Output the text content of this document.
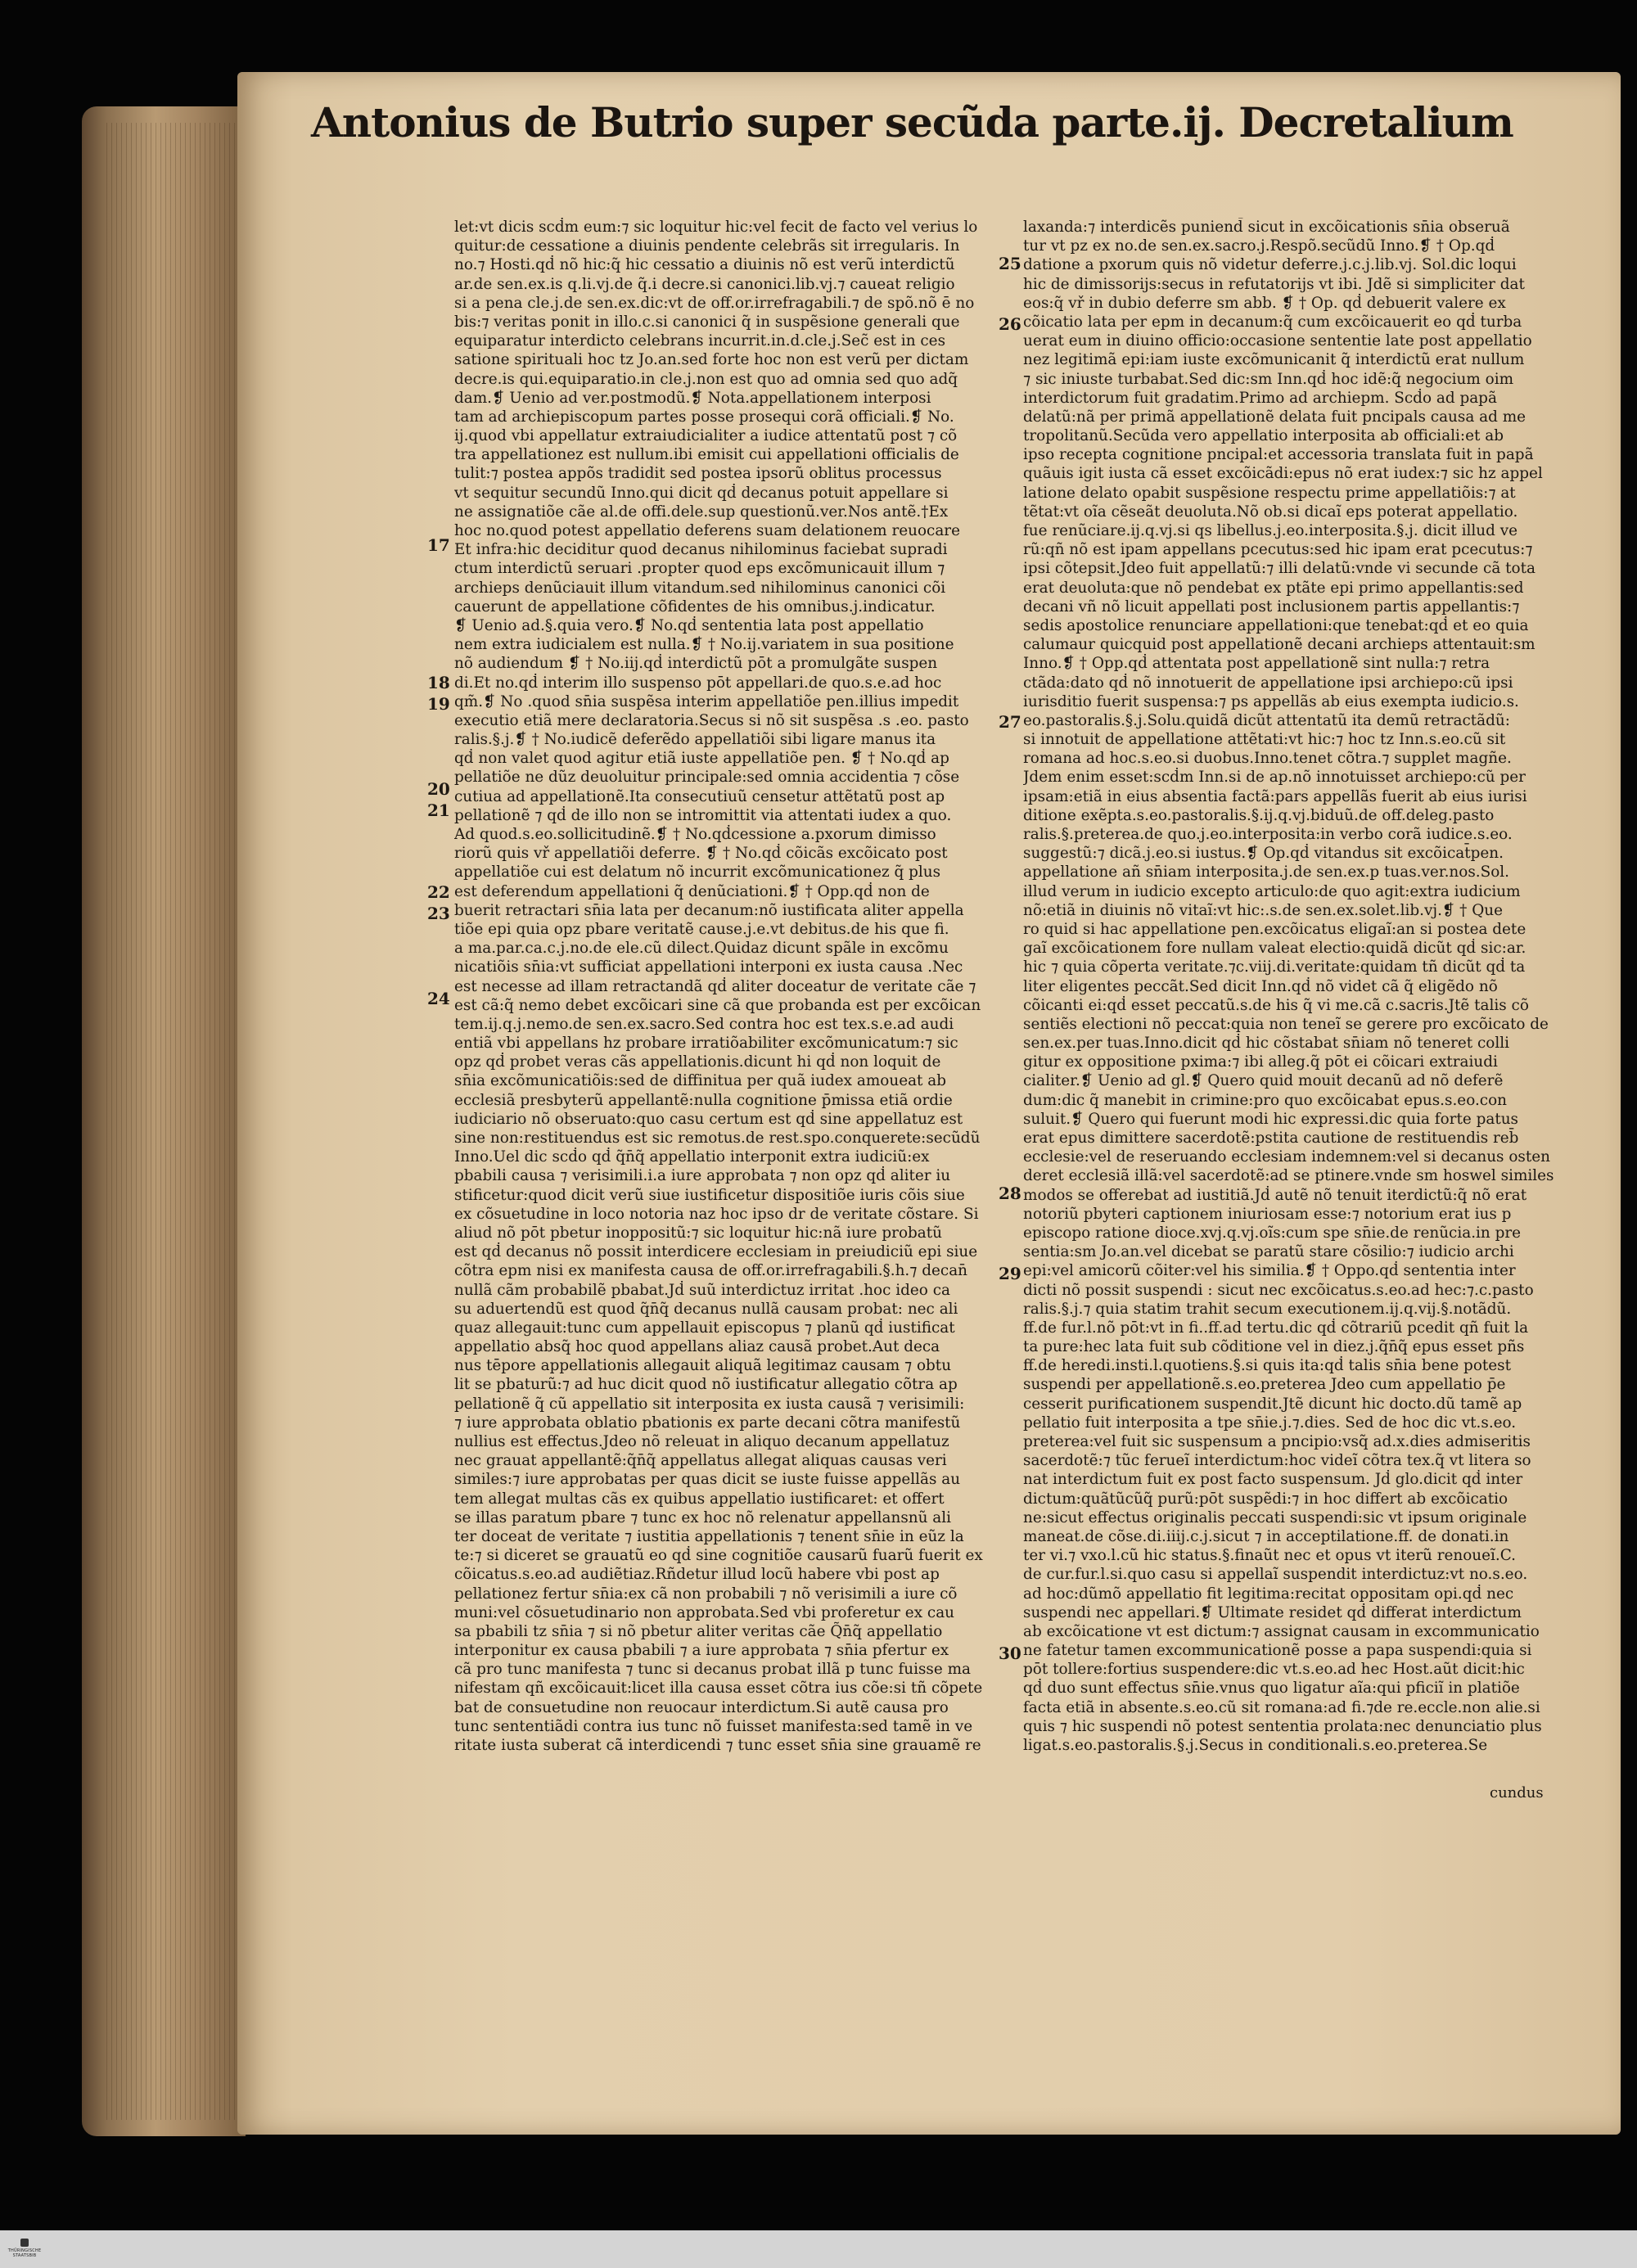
Antonius de Butrio super secũda parte.ij. Decretalium
let:vt dicis scḋm eum:⁊ sic loquitur hic:vel fecit de facto vel verius lo
quitur:de cessatione a diuinis pendente celebrãs sit irregularis. In
no.⁊ Hosti.qḋ nõ hic:q̃ hic cessatio a diuinis nõ est verũ interdictũ
ar.de sen.ex.is q.li.vj.de q̃.i decre.si canonici.lib.vj.⁊ caueat religio
si a pena cle.j.de sen.ex.dic:vt de off.or.irrefragabili.⁊ de spõ.nõ ē no
bis:⁊ veritas ponit in illo.c.si canonici q̃ in suspẽsione generali que
equiparatur interdicto celebrans incurrit.in.d.cle.j.Sec̃ est in ces
satione spirituali hoc tz Jo.an.sed forte hoc non est verũ per dictam
decre.is qui.equiparatio.in cle.j.non est quo ad omnia sed quo adq̃
dam.❡ Uenio ad ver.postmodũ.❡ Nota.appellationem interposi
tam ad archiepiscopum partes posse prosequi corã officiali.❡ No.
ij.quod vbi appellatur extraiudicialiter a iudice attentatũ post ⁊ cõ
tra appellationez est nullum.ibi emisit cui appellationi officialis de
tulit:⁊ postea appõs tradidit sed postea ipsorũ oblitus processus
vt sequitur secundũ Inno.qui dicit qḋ decanus potuit appellare si
ne assignatiõe cãe al.de offi.dele.sup questionũ.ver.Nos antẽ.†Ex
hoc no.quod potest appellatio deferens suam delationem reuocare
Et infra:hic deciditur quod decanus nihilominus faciebat supradi
ctum interdictũ seruari .propter quod eps excõmunicauit illum ⁊
archieps denũciauit illum vitandum.sed nihilominus canonici cõi
cauerunt de appellatione cõfidentes de his omnibus.j.indicatur.
❡ Uenio ad.§.quia vero.❡ No.qḋ sententia lata post appellatio
nem extra iudicialem est nulla.❡ † No.ij.variatem in sua positione
nõ audiendum ❡ † No.iij.qḋ interdictũ pōt a promulgãte suspen
di.Et no.qḋ interim illo suspenso pōt appellari.de quo.s.e.ad hoc
qm̃.❡ No .quod sn̄ia suspẽsa interim appellatiõe pen.illius impedit
executio etiã mere declaratoria.Secus si nõ sit suspẽsa .s .eo. pasto
ralis.§.j.❡ † No.iudicẽ deferẽdo appellatiõi sibi ligare manus ita
qḋ non valet quod agitur etiã iuste appellatiõe pen. ❡ † No.qḋ ap
pellatiõe ne dũz deuoluitur principale:sed omnia accidentia ⁊ cõse
cutiua ad appellationẽ.Ita consecutiuũ censetur attẽtatũ post ap
pellationẽ ⁊ qḋ de illo non se intromittit via attentati iudex a quo.
Ad quod.s.eo.sollicitudinẽ.❡ † No.qḋcessione a.pxorum dimisso
riorũ quis vř appellatiõi deferre. ❡ † No.qḋ cõicãs excõicato post
appellatiõe cui est delatum nõ incurrit excõmunicationez q̃ plus
est deferendum appellationi q̃ denũciationi.❡ † Opp.qḋ non de
buerit retractari sn̄ia lata per decanum:nõ iustificata aliter appella
tiõe epi quia opz pbare veritatẽ cause.j.e.vt debitus.de his que fi.
a ma.par.ca.c.j.no.de ele.cũ dilect.Quidaz dicunt spãle in excõmu
nicatiõis sn̄ia:vt sufficiat appellationi interponi ex iusta causa .Nec
est necesse ad illam retractandã qḋ aliter doceatur de veritate cãe ⁊
est cã:q̃ nemo debet excõicari sine cã que probanda est per excõican
tem.ij.q.j.nemo.de sen.ex.sacro.Sed contra hoc est tex.s.e.ad audi
entiã vbi appellans hz probare irratiõabiliter excõmunicatum:⁊ sic
opz qḋ probet veras cãs appellationis.dicunt hi qḋ non loquit de
sn̄ia excõmunicatiõis:sed de diffinitua per quã iudex amoueat ab
ecclesiã presbyterũ appellantẽ:nulla cognitione p̄missa etiã ordie
iudiciario nõ obseruato:quo casu certum est qḋ sine appellatuz est
sine non:restituendus est sic remotus.de rest.spo.conquerete:secũdũ
Inno.Uel dic scḋo qḋ q̃n̄q̃ appellatio interponit extra iudiciũ:ex
pbabili causa ⁊ verisimili.i.a iure approbata ⁊ non opz qḋ aliter iu
stificetur:quod dicit verũ siue iustificetur dispositiõe iuris cõis siue
ex cõsuetudine in loco notoria naz hoc ipso dr de veritate cõstare. Si
aliud nõ pōt pbetur inoppositũ:⁊ sic loquitur hic:nã iure probatũ
est qḋ decanus nõ possit interdicere ecclesiam in preiudiciũ epi siue
cõtra epm nisi ex manifesta causa de off.or.irrefragabili.§.h.⁊ decan̄
nullã cãm probabilẽ pbabat.Jḋ suũ interdictuz irritat .hoc ideo ca
su aduertendũ est quod q̃n̄q̃ decanus nullã causam probat: nec ali
quaz allegauit:tunc cum appellauit episcopus ⁊ planũ qḋ iustificat
appellatio absq̃ hoc quod appellans aliaz causã probet.Aut deca
nus tēpore appellationis allegauit aliquã legitimaz causam ⁊ obtu
lit se pbaturũ:⁊ ad huc dicit quod nõ iustificatur allegatio cõtra ap
pellationẽ q̃ cũ appellatio sit interposita ex iusta causã ⁊ verisimili:
⁊ iure approbata oblatio pbationis ex parte decani cõtra manifestũ
nullius est effectus.Jdeo nõ releuat in aliquo decanum appellatuz
nec grauat appellantẽ:q̃n̄q̃ appellatus allegat aliquas causas veri
similes:⁊ iure approbatas per quas dicit se iuste fuisse appellãs au
tem allegat multas cãs ex quibus appellatio iustificaret: et offert
se illas paratum pbare ⁊ tunc ex hoc nõ relenatur appellansnũ ali
ter doceat de veritate ⁊ iustitia appellationis ⁊ tenent sn̄ie in eũz la
te:⁊ si diceret se grauatũ eo qḋ sine cognitiõe causarũ fuarũ fuerit ex
cõicatus.s.eo.ad audiẽtiaz.Rñdetur illud locũ habere vbi post ap
pellationez fertur sn̄ia:ex cã non probabili ⁊ nõ verisimili a iure cõ
muni:vel cõsuetudinario non approbata.Sed vbi proferetur ex cau
sa pbabili tz sn̄ia ⁊ si nõ pbetur aliter veritas cãe Q̃n̄q̃ appellatio
interponitur ex causa pbabili ⁊ a iure approbata ⁊ sn̄ia pfertur ex
cã pro tunc manifesta ⁊ tunc si decanus probat illã p tunc fuisse ma
nifestam qñ excõicauit:licet illa causa esset cõtra ius cõe:si tñ cõpete
bat de consuetudine non reuocaur interdictum.Si autẽ causa pro
tunc sententiãdi contra ius tunc nõ fuisset manifesta:sed tamẽ in ve
ritate iusta suberat cã interdicendi ⁊ tunc esset sn̄ia sine grauamẽ re
laxanda:⁊ interdicẽs puniend̄ sicut in excõicationis sn̄ia obseruã
tur vt pz ex no.de sen.ex.sacro.j.Respõ.secũdũ Inno.❡ † Op.qḋ
datione a pxorum quis nõ videtur deferre.j.c.j.lib.vj. Sol.dic loqui
hic de dimissorijs:secus in refutatorijs vt ibi. Jdẽ si simpliciter dat
eos:q̃ vř in dubio deferre sm abb. ❡ † Op. qḋ debuerit valere ex
cõicatio lata per epm in decanum:q̃ cum excõicauerit eo qḋ turba
uerat eum in diuino officio:occasione sententie late post appellatio
nez legitimã epi:iam iuste excõmunicanit q̃ interdictũ erat nullum
⁊ sic iniuste turbabat.Sed dic:sm Inn.qḋ hoc idẽ:q̃ negocium oim
interdictorum fuit gradatim.Primo ad archiepm. Scḋo ad papã
delatũ:nã per primã appellationẽ delata fuit pncipals causa ad me
tropolitanũ.Secũda vero appellatio interposita ab officiali:et ab
ipso recepta cognitione pncipal:et accessoria translata fuit in papã
quãuis igit iusta cã esset excõicãdi:epus nõ erat iudex:⁊ sic hz appel
latione delato opabit suspẽsione respectu prime appellatiõis:⁊ at
tẽtat:vt oĩa cẽseãt deuoluta.Nõ ob.si dicaĩ eps poterat appellatio.
fue renũciare.ij.q.vj.si qs libellus.j.eo.interposita.§.j. dicit illud ve
rũ:qñ nõ est ipam appellans pcecutus:sed hic ipam erat pcecutus:⁊
ipsi cõtepsit.Jdeo fuit appellatũ:⁊ illi delatũ:vnde vi secunde cã tota
erat deuoluta:que nõ pendebat ex ptãte epi primo appellantis:sed
decani vñ nõ licuit appellati post inclusionem partis appellantis:⁊
sedis apostolice renunciare appellationi:que tenebat:qḋ et eo quia
calumaur quicquid post appellationẽ decani archieps attentauit:sm
Inno.❡ † Opp.qḋ attentata post appellationẽ sint nulla:⁊ retra
ctãda:dato qḋ nõ innotuerit de appellatione ipsi archiepo:cũ ipsi
iurisditio fuerit suspensa:⁊ ps appellãs ab eius exempta iudicio.s.
eo.pastoralis.§.j.Solu.quidã dicũt attentatũ ita demũ retractãdũ:
si innotuit de appellatione attẽtati:vt hic:⁊ hoc tz Inn.s.eo.cũ sit
romana ad hoc.s.eo.si duobus.Inno.tenet cõtra.⁊ supplet magñe.
Jdem enim esset:scḋm Inn.si de ap.nõ innotuisset archiepo:cũ per
ipsam:etiã in eius absentia factã:pars appellãs fuerit ab eius iurisi
ditione exẽpta.s.eo.pastoralis.§.ij.q.vj.biduũ.de off.deleg.pasto
ralis.§.preterea.de quo.j.eo.interposita:in verbo corã iudice.s.eo.
suggestũ:⁊ dicã.j.eo.si iustus.❡ Op.qḋ vitandus sit excõicat̄pen.
appellatione añ sn̄iam interposita.j.de sen.ex.p tuas.ver.nos.Sol.
illud verum in iudicio excepto articulo:de quo agit:extra iudicium
nõ:etiã in diuinis nõ vitaĩ:vt hic:.s.de sen.ex.solet.lib.vj.❡ † Que
ro quid si hac appellatione pen.excõicatus eligaĩ:an si postea dete
gaĩ excõicationem fore nullam valeat electio:quidã dicũt qḋ sic:ar.
hic ⁊ quia cõperta veritate.⁊c.viij.di.veritate:quidam tñ dicũt qḋ ta
liter eligentes peccãt.Sed dicit Inn.qḋ nõ videt cã q̃ eligẽdo nõ
cõicanti ei:qḋ esset peccatũ.s.de his q̃ vi me.cã c.sacris.Jtẽ talis cõ
sentiẽs electioni nõ peccat:quia non teneĩ se gerere pro excõicato de
sen.ex.per tuas.Inno.dicit qḋ hic cõstabat sn̄iam nõ teneret colli
gitur ex oppositione pxima:⁊ ibi alleg.q̃ pōt ei cõicari extraiudi
cialiter.❡ Uenio ad gl.❡ Quero quid mouit decanũ ad nõ deferẽ
dum:dic q̃ manebit in crimine:pro quo excõicabat epus.s.eo.con
suluit.❡ Quero qui fuerunt modi hic expressi.dic quia forte patus
erat epus dimittere sacerdotẽ:pstita cautione de restituendis reb̄
ecclesie:vel de reseruando ecclesiam indemnem:vel si decanus osten
deret ecclesiã illã:vel sacerdotẽ:ad se ptinere.vnde sm hoswel similes
modos se offerebat ad iustitiã.Jḋ autẽ nõ tenuit iterdictũ:q̃ nõ erat
notoriũ pbyteri captionem iniuriosam esse:⁊ notorium erat ius p
episcopo ratione dioce.xvj.q.vj.oĩs:cum spe sn̄ie.de renũcia.in pre
sentia:sm Jo.an.vel dicebat se paratũ stare cõsilio:⁊ iudicio archi
epi:vel amicorũ cõiter:vel his similia.❡ † Oppo.qḋ sententia inter
dicti nõ possit suspendi : sicut nec excõicatus.s.eo.ad hec:⁊.c.pasto
ralis.§.j.⁊ quia statim trahit secum executionem.ij.q.vij.§.notãdũ.
ff.de fur.l.nõ pōt:vt in fi..ff.ad tertu.dic qḋ cõtrariũ pcedit qñ fuit la
ta pure:hec lata fuit sub cõditione vel in diez.j.q̃n̄q̃ epus esset pñs
ff.de heredi.insti.l.quotiens.§.si quis ita:qḋ talis sn̄ia bene potest
suspendi per appellationẽ.s.eo.preterea Jdeo cum appellatio p̄e
cesserit purificationem suspendit.Jtẽ dicunt hic docto.dũ tamẽ ap
pellatio fuit interposita a tpe sn̄ie.j.⁊.dies. Sed de hoc dic vt.s.eo.
preterea:vel fuit sic suspensum a pncipio:vsq̃ ad.x.dies admiseritis
sacerdotẽ:⁊ tũc ferueĩ interdictum:hoc videĩ cõtra tex.q̃ vt litera so
nat interdictum fuit ex post facto suspensum. Jḋ glo.dicit qḋ inter
dictum:quãtũcũq̃ purũ:pōt suspẽdi:⁊ in hoc differt ab excõicatio
ne:sicut effectus originalis peccati suspendi:sic vt ipsum originale
maneat.de cõse.di.iiij.c.j.sicut ⁊ in acceptilatione.ff. de donati.in
ter vi.⁊ vxo.l.cũ hic status.§.finaũt nec et opus vt iterũ renoueĩ.C.
de cur.fur.l.si.quo casu si appellaĩ suspendit interdictuz:vt no.s.eo.
ad hoc:dũmõ appellatio fit legitima:recitat oppositam opi.qḋ nec
suspendi nec appellari.❡ Ultimate residet qḋ differat interdictum
ab excõicatione vt est dictum:⁊ assignat causam in excommunicatio
ne fatetur tamen excommunicationẽ posse a papa suspendi:quia si
pōt tollere:fortius suspendere:dic vt.s.eo.ad hec Host.aũt dicit:hic
qḋ duo sunt effectus sn̄ie.vnus quo ligatur aĩa:qui pficiĩ in platiõe
facta etiã in absente.s.eo.cũ sit romana:ad fi.⁊de re.eccle.non alie.si
quis ⁊ hic suspendi nõ potest sententia prolata:nec denunciatio plus
ligat.s.eo.pastoralis.§.j.Secus in conditionali.s.eo.preterea.Se
17
18
19
20
21
22
23
24
25
26
27
28
29
30
cundus
THÜRINGISCHE STAATSBIB
